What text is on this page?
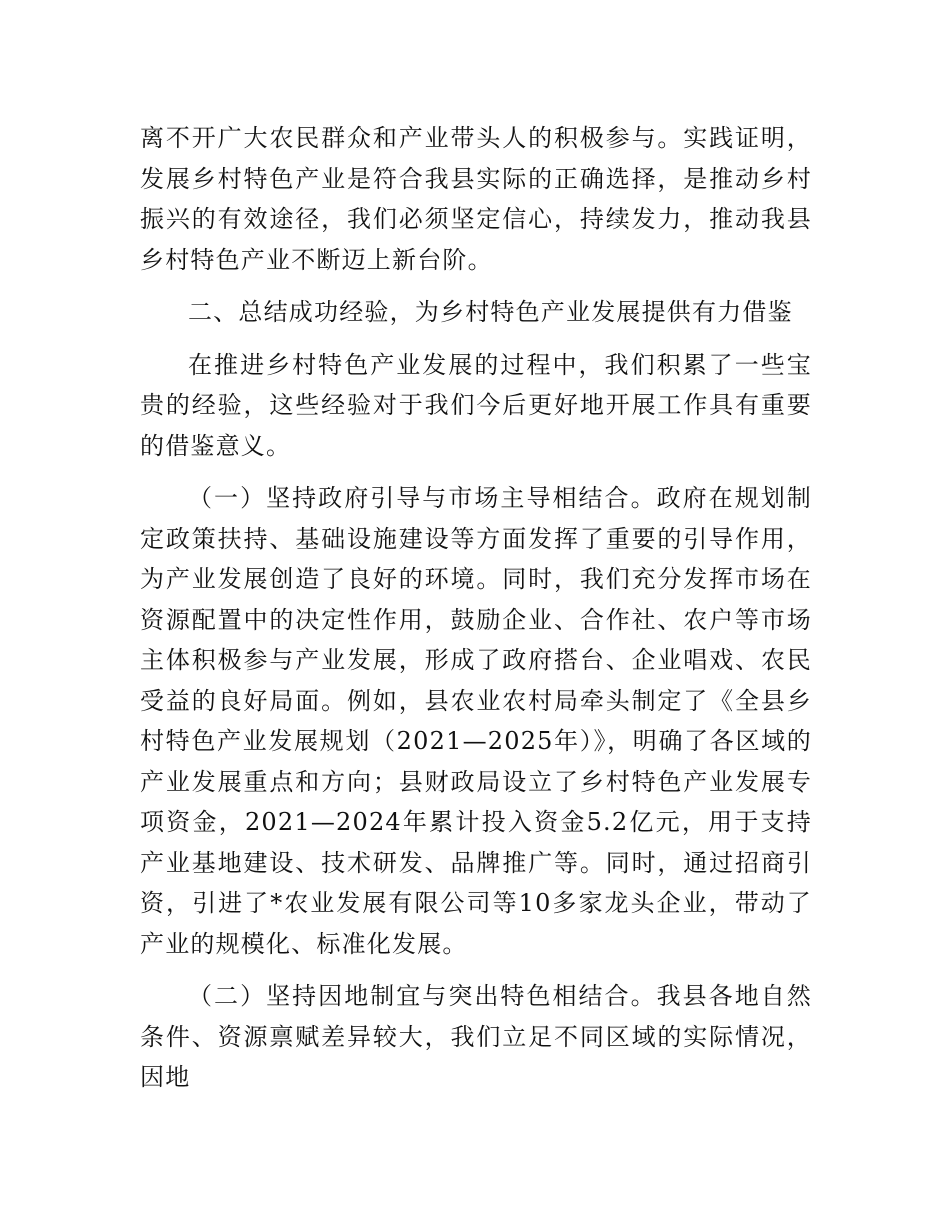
离不开广大农民群众和产业带头人的积极参与。实践证明，发展乡村特色产业是符合我县实际的正确选择，是推动乡村振兴的有效途径，我们必须坚定信心，持续发力，推动我县乡村特色产业不断迈上新台阶。

二、总结成功经验，为乡村特色产业发展提供有力借鉴

在推进乡村特色产业发展的过程中，我们积累了一些宝贵的经验，这些经验对于我们今后更好地开展工作具有重要的借鉴意义。

（一）坚持政府引导与市场主导相结合。政府在规划制定政策扶持、基础设施建设等方面发挥了重要的引导作用，为产业发展创造了良好的环境。同时，我们充分发挥市场在资源配置中的决定性作用，鼓励企业、合作社、农户等市场主体积极参与产业发展，形成了政府搭台、企业唱戏、农民受益的良好局面。例如，县农业农村局牵头制定了《全县乡村特色产业发展规划（2021—2025年）》，明确了各区域的产业发展重点和方向；县财政局设立了乡村特色产业发展专项资金，2021—2024年累计投入资金5.2亿元，用于支持产业基地建设、技术研发、品牌推广等。同时，通过招商引资，引进了*农业发展有限公司等10多家龙头企业，带动了产业的规模化、标准化发展。

（二）坚持因地制宜与突出特色相结合。我县各地自然条件、资源禀赋差异较大，我们立足不同区域的实际情况，因地
